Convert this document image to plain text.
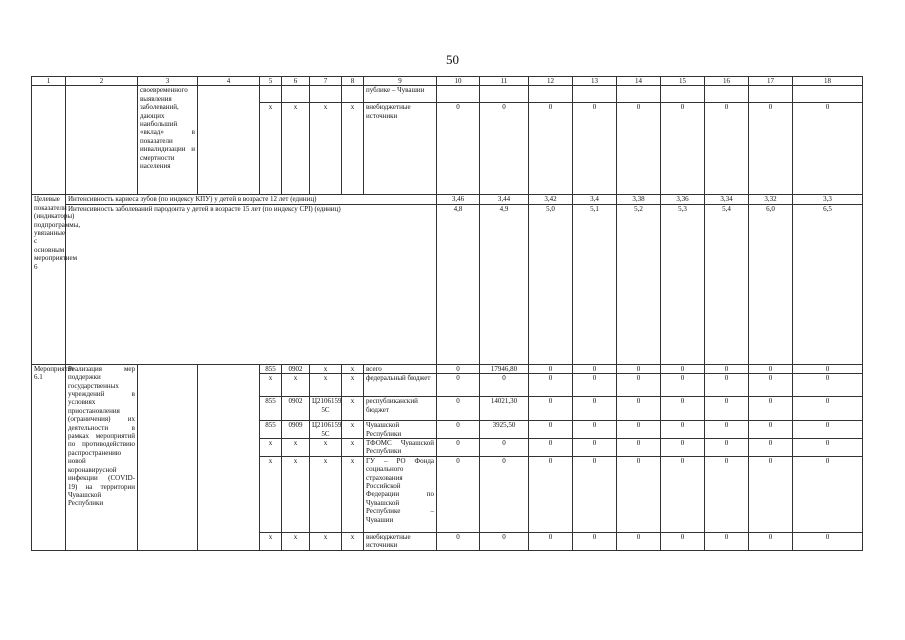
50
1	2	3	4	5	6	7	8	9	10	11	12	13	14	15	16	17	18
		своевременного выявления заболеваний, дающих наибольший «вклад» в показатели инвалидизации и смертности населения						публике – Чувашии									
				x	x	x	x	внебюджетные источники	0	0	0	0	0	0	0	0	0
Целевые показатели (индикаторы) подпрограммы, увязанные с основным мероприятием 6	Интенсивность кариеса зубов (по индексу КПУ) у детей в возрасте 12 лет (единиц)								3,46	3,44	3,42	3,4	3,38	3,36	3,34	3,32	3,3
	Интенсивность заболеваний пародонта у детей в возрасте 15 лет (по индексу CPI) (единиц)								4,8	4,9	5,0	5,1	5,2	5,3	5,4	6,0	6,5
Мероприятие 6.1	Реализация мер поддержки государственных учреждений в условиях приостановления (ограничения) их деятельности в рамках мероприятий по противодействию распространению новой коронавирусной инфекции (COVID-19) на территории Чувашской Республики			855	0902	x	x	всего	0	17946,80	0	0	0	0	0	0	0
				x	x	x	x	федеральный бюджет	0	0	0	0	0	0	0	0	0
				855	0902	Ц2106159 5С	x	республиканский бюджет	0	14021,30	0	0	0	0	0	0	0
				855	0909	Ц2106159 5С	x	Чувашской Республики	0	3925,50	0	0	0	0	0	0	0
				x	x	x	x	ТФОМС Чувашской Республики	0	0	0	0	0	0	0	0	0
				x	x	x	x	ГУ – РО Фонда социального страхования Российской Федерации по Чувашской Республике – Чувашии	0	0	0	0	0	0	0	0	0
				x	x	x	x	внебюджетные источники	0	0	0	0	0	0	0	0	0
